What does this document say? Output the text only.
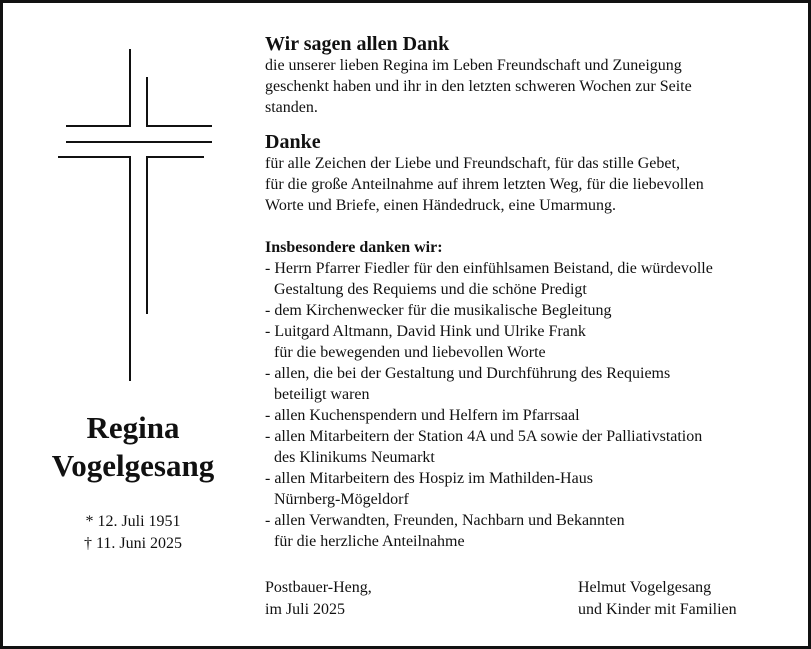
Regina
Vogelgesang
* 12. Juli 1951
† 11. Juni 2025
Wir sagen allen Dank
die unserer lieben Regina im Leben Freundschaft und Zuneigung
geschenkt haben und ihr in den letzten schweren Wochen zur Seite
standen.
Danke
für alle Zeichen der Liebe und Freundschaft, für das stille Gebet,
für die große Anteilnahme auf ihrem letzten Weg, für die liebevollen
Worte und Briefe, einen Händedruck, eine Umarmung.
Insbesondere danken wir:
- Herrn Pfarrer Fiedler für den einfühlsamen Beistand, die würdevolle
Gestaltung des Requiems und die schöne Predigt
- dem Kirchenwecker für die musikalische Begleitung
- Luitgard Altmann, David Hink und Ulrike Frank
für die bewegenden und liebevollen Worte
- allen, die bei der Gestaltung und Durchführung des Requiems
beteiligt waren
- allen Kuchenspendern und Helfern im Pfarrsaal
- allen Mitarbeitern der Station 4A und 5A sowie der Palliativstation
des Klinikums Neumarkt
- allen Mitarbeitern des Hospiz im Mathilden-Haus
Nürnberg-Mögeldorf
- allen Verwandten, Freunden, Nachbarn und Bekannten
für die herzliche Anteilnahme
Postbauer-Heng,
im Juli 2025
Helmut Vogelgesang
und Kinder mit Familien
